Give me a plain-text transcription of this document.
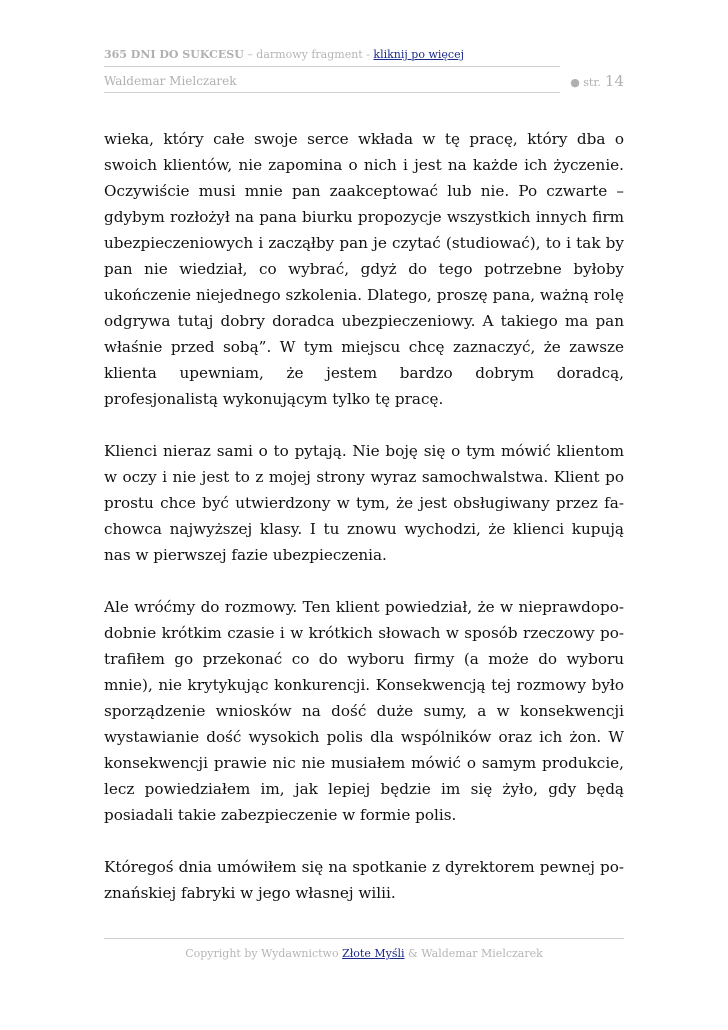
365 DNI DO SUKCESU – darmowy fragment - kliknij po więcej
Waldemar Mielczarek	● str. 14

wieka, który całe swoje serce wkłada w tę pracę, który dba o swoich klientów, nie zapomina o nich i jest na każde ich życzenie. Oczywiście musi mnie pan zaakceptować lub nie. Po czwarte – gdybym rozłożył na pana biurku propozycje wszystkich innych firm ubezpieczeniowych i zacząłby pan je czytać (studiować), to i tak by pan nie wiedział, co wybrać, gdyż do tego potrzebne byłoby ukończenie niejednego szkolenia. Dlatego, proszę pana, ważną rolę odgrywa tutaj dobry doradca ubezpieczeniowy. A takiego ma pan właśnie przed sobą”. W tym miejscu chcę zaznaczyć, że zawsze klienta upewniam, że jestem bardzo dobrym doradcą, profesjonalistą wykonującym tylko tę pracę.

Klienci nieraz sami o to pytają. Nie boję się o tym mówić klientom w oczy i nie jest to z mojej strony wyraz samochwalstwa. Klient po prostu chce być utwierdzony w tym, że jest obsługiwany przez fachowca najwyższej klasy. I tu znowu wychodzi, że klienci kupują nas w pierwszej fazie ubezpieczenia.

Ale wróćmy do rozmowy. Ten klient powiedział, że w nieprawdopodobnie krótkim czasie i w krótkich słowach w sposób rzeczowy potrafiłem go przekonać co do wyboru firmy (a może do wyboru mnie), nie krytykując konkurencji. Konsekwencją tej rozmowy było sporządzenie wniosków na dość duże sumy, a w konsekwencji wystawianie dość wysokich polis dla wspólników oraz ich żon. W konsekwencji prawie nic nie musiałem mówić o samym produkcie, lecz powiedziałem im, jak lepiej będzie im się żyło, gdy będą posiadali takie zabezpieczenie w formie polis.

Któregoś dnia umówiłem się na spotkanie z dyrektorem pewnej poznańskiej fabryki w jego własnej wilii.

Copyright by Wydawnictwo Złote Myśli & Waldemar Mielczarek
